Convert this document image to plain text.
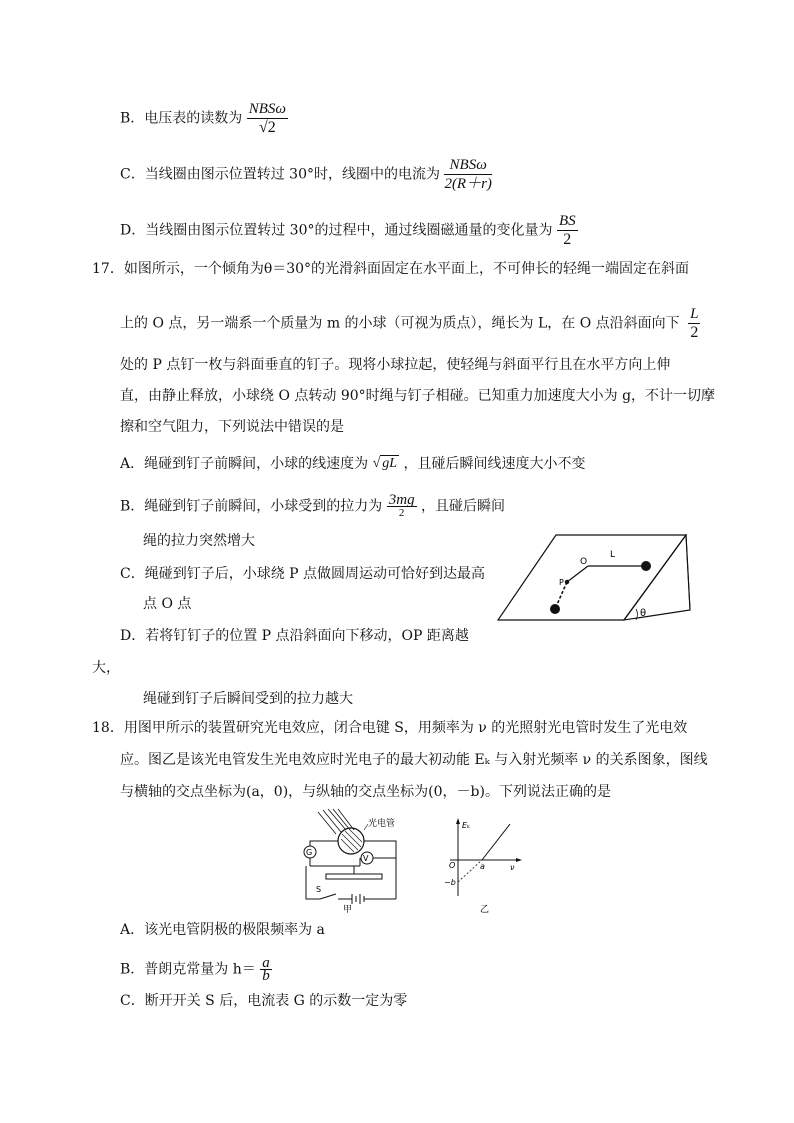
B．电压表的读数为 $\frac{\text{NBSω}}{√2}$
C．当线圈由图示位置转过 30°时，线圈中的电流为 $\frac{\text{NBSω}}{2(R+r)}$
D．当线圈由图示位置转过 30°的过程中，通过线圈磁通量的变化量为 $\frac{BS}{2}$
17．如图所示，一个倾角为θ＝30°的光滑斜面固定在水平面上，不可伸长的轻绳一端固定在斜面
上的 O 点，另一端系一个质量为 m 的小球（可视为质点），绳长为 L，在 O 点沿斜面向下 $\frac{L}{2}$
处的 P 点钉一枚与斜面垂直的钉子。现将小球拉起，使轻绳与斜面平行且在水平方向上伸
直，由静止释放，小球绕 O 点转动 90°时绳与钉子相碰。已知重力加速度大小为 g，不计一切摩
擦和空气阻力，下列说法中错误的是
A．绳碰到钉子前瞬间，小球的线速度为 √ gL ，且碰后瞬间线速度大小不变
B．绳碰到钉子前瞬间，小球受到的拉力为 $\frac{3mg}{2}$ ，且碰后瞬间
绳的拉力突然增大
C．绳碰到钉子后，小球绕 P 点做圆周运动可恰好到达最高
点 O 点
D．若将钉钉子的位置 P 点沿斜面向下移动，OP 距离越
大，
绳碰到钉子后瞬间受到的拉力越大
θ
O
L
P
18．用图甲所示的装置研究光电效应，闭合电键 S，用频率为 ν 的光照射光电管时发生了光电效
应。图乙是该光电管发生光电效应时光电子的最大初动能 Eₖ 与入射光频率 ν 的关系图象，图线
与横轴的交点坐标为(a，0)，与纵轴的交点坐标为(0，－b)。下列说法正确的是
光电管
G
V
S
甲
Eₖ
O	a	ν
−b
乙
A．该光电管阴极的极限频率为 a
B．普朗克常量为 $h= \frac{a}{b}$
C．断开开关 S 后，电流表 G 的示数一定为零
